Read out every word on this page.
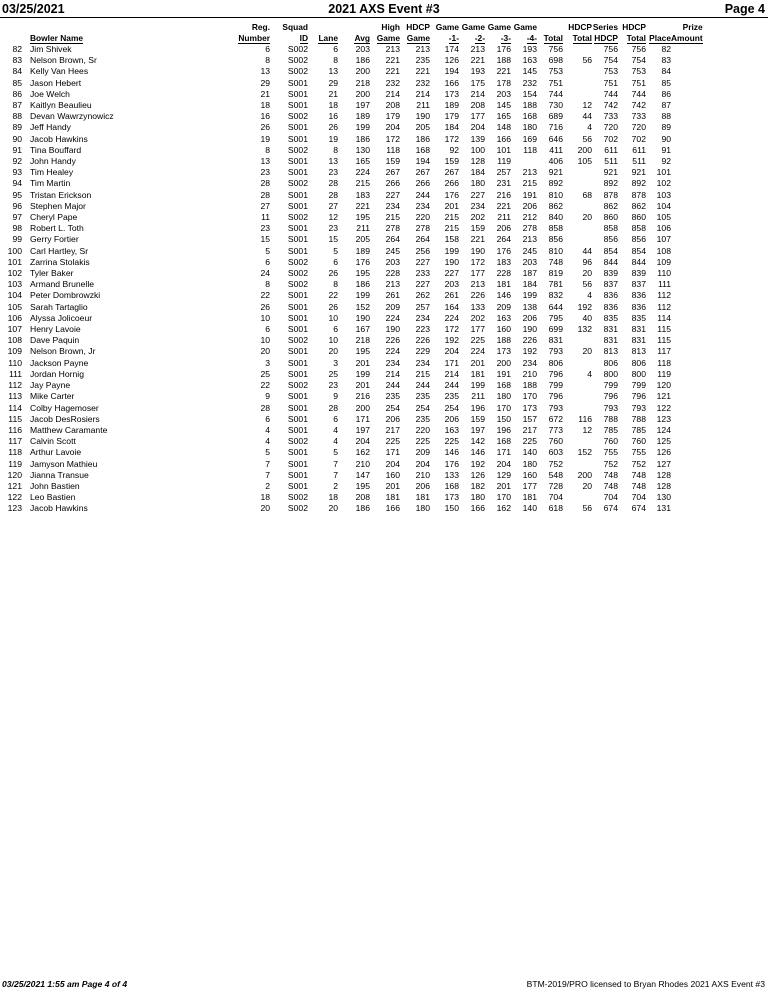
03/25/2021	2021 AXS Event #3	Page 4
			Reg.	Squad			High	HDCP	Game	Game	Game	Game		HDCP	Series	HDCP		Prize	
		Bowler Name	Number	ID	Lane	Avg	Game	Game	-1-	-2-	-3-	-4-	Total	Total	HDCP	Total	Place	Amount	
82		Jim Shivek	6	S002	6	203	213	213	174	213	176	193	756		756	756	82		
83		Nelson Brown, Sr	8	S002	8	186	221	235	126	221	188	163	698	56	754	754	83		
84		Kelly Van Hees	13	S002	13	200	221	221	194	193	221	145	753		753	753	84		
85		Jason Hebert	29	S001	29	218	232	232	166	175	178	232	751		751	751	85		
86		Joe Welch	21	S001	21	200	214	214	173	214	203	154	744		744	744	86		
87		Kaitlyn Beaulieu	18	S001	18	197	208	211	189	208	145	188	730	12	742	742	87		
88		Devan Wawrzynowicz	16	S002	16	189	179	190	179	177	165	168	689	44	733	733	88		
89		Jeff Handy	26	S001	26	199	204	205	184	204	148	180	716	4	720	720	89		
90		Jacob Hawkins	19	S001	19	186	172	186	172	139	166	169	646	56	702	702	90		
91		Tina Bouffard	8	S002	8	130	118	168	92	100	101	118	411	200	611	611	91		
92		John Handy	13	S001	13	165	159	194	159	128	119		406	105	511	511	92		
93		Tim Healey	23	S001	23	224	267	267	267	184	257	213	921		921	921	101		
94		Tim Martin	28	S002	28	215	266	266	266	180	231	215	892		892	892	102		
95		Tristan Erickson	28	S001	28	183	227	244	176	227	216	191	810	68	878	878	103		
96		Stephen Major	27	S001	27	221	234	234	201	234	221	206	862		862	862	104		
97		Cheryl Pape	11	S002	12	195	215	220	215	202	211	212	840	20	860	860	105		
98		Robert L. Toth	23	S001	23	211	278	278	215	159	206	278	858		858	858	106		
99		Gerry Fortier	15	S001	15	205	264	264	158	221	264	213	856		856	856	107		
100		Carl Hartley, Sr	5	S001	5	189	245	256	199	190	176	245	810	44	854	854	108		
101		Zarrina Stolakis	6	S002	6	176	203	227	190	172	183	203	748	96	844	844	109		
102		Tyler Baker	24	S002	26	195	228	233	227	177	228	187	819	20	839	839	110		
103		Armand Brunelle	8	S002	8	186	213	227	203	213	181	184	781	56	837	837	111		
104		Peter Dombrowzki	22	S001	22	199	261	262	261	226	146	199	832	4	836	836	112		
105		Sarah Tartaglio	26	S001	26	152	209	257	164	133	209	138	644	192	836	836	112		
106		Alyssa Jolicoeur	10	S001	10	190	224	234	224	202	163	206	795	40	835	835	114		
107		Henry Lavoie	6	S001	6	167	190	223	172	177	160	190	699	132	831	831	115		
108		Dave Paquin	10	S002	10	218	226	226	192	225	188	226	831		831	831	115		
109		Nelson Brown, Jr	20	S001	20	195	224	229	204	224	173	192	793	20	813	813	117		
110		Jackson Payne	3	S001	3	201	234	234	171	201	200	234	806		806	806	118		
111		Jordan Hornig	25	S001	25	199	214	215	214	181	191	210	796	4	800	800	119		
112		Jay Payne	22	S002	23	201	244	244	244	199	168	188	799		799	799	120		
113		Mike Carter	9	S001	9	216	235	235	235	211	180	170	796		796	796	121		
114		Colby Hagemoser	28	S001	28	200	254	254	254	196	170	173	793		793	793	122		
115		Jacob DesRosiers	6	S001	6	171	206	235	206	159	150	157	672	116	788	788	123		
116		Matthew Caramante	4	S001	4	197	217	220	163	197	196	217	773	12	785	785	124		
117		Calvin Scott	4	S002	4	204	225	225	225	142	168	225	760		760	760	125		
118		Arthur Lavoie	5	S001	5	162	171	209	146	146	171	140	603	152	755	755	126		
119		Jamyson Mathieu	7	S001	7	210	204	204	176	192	204	180	752		752	752	127		
120		Jianna Transue	7	S001	7	147	160	210	133	126	129	160	548	200	748	748	128		
121		John Bastien	2	S001	2	195	201	206	168	182	201	177	728	20	748	748	128		
122		Leo Bastien	18	S002	18	208	181	181	173	180	170	181	704		704	704	130		
123		Jacob Hawkins	20	S002	20	186	166	180	150	166	162	140	618	56	674	674	131		
03/25/2021 1:55 am Page 4 of 4	BTM-2019/PRO licensed to Bryan Rhodes 2021 AXS Event #3
